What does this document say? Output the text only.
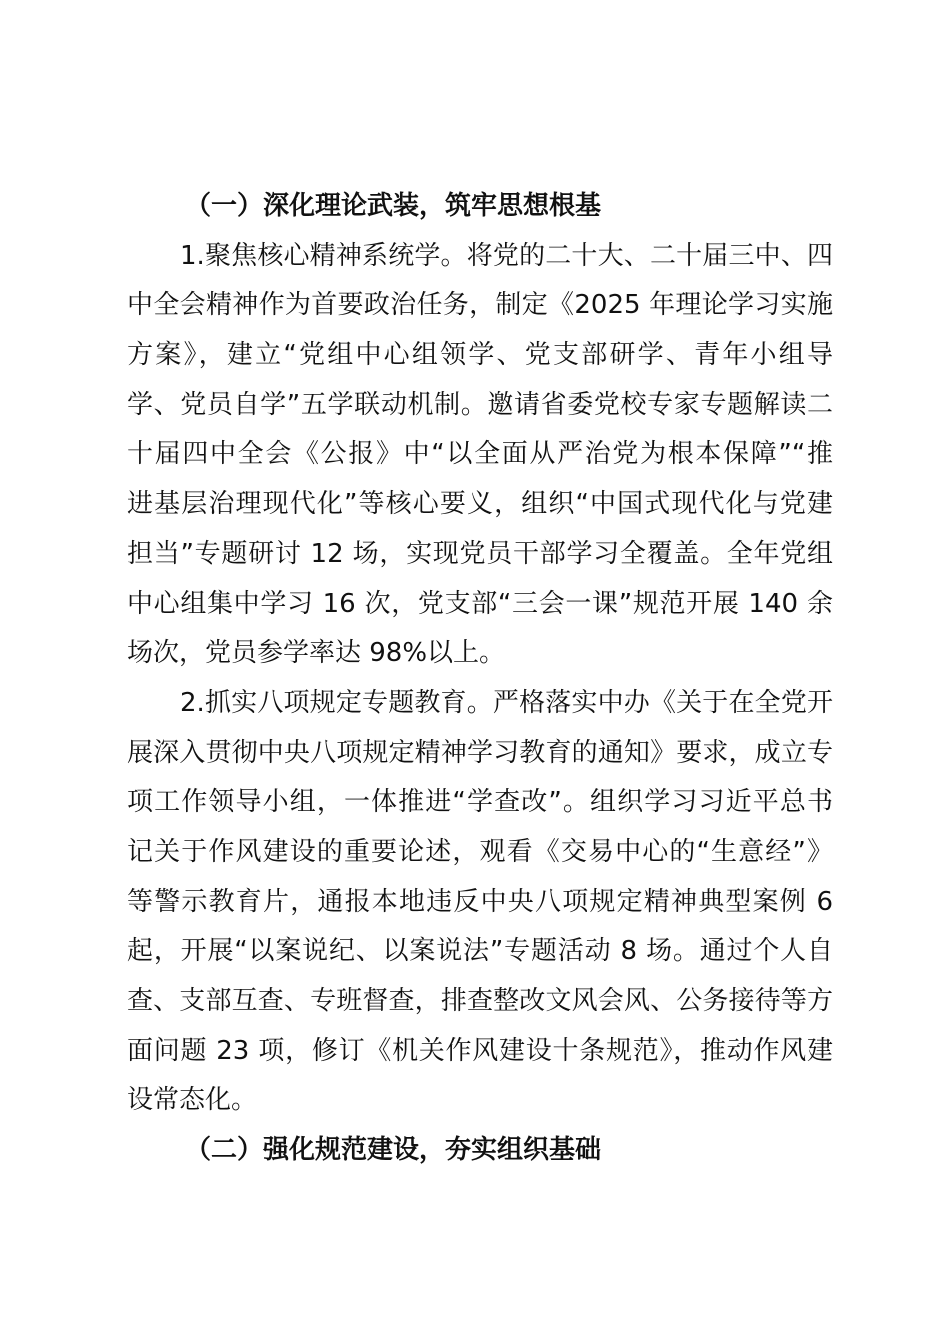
（一）深化理论武装，筑牢思想根基
1.聚焦核心精神系统学。将党的二十大、二十届三中、四
中全会精神作为首要政治任务，制定《2025 年理论学习实施
方案》，建立“党组中心组领学、党支部研学、青年小组导
学、党员自学”五学联动机制。邀请省委党校专家专题解读二
十届四中全会《公报》中“以全面从严治党为根本保障”“推
进基层治理现代化”等核心要义，组织“中国式现代化与党建
担当”专题研讨 12 场，实现党员干部学习全覆盖。全年党组
中心组集中学习 16 次，党支部“三会一课”规范开展 140 余
场次，党员参学率达 98%以上。
2.抓实八项规定专题教育。严格落实中办《关于在全党开
展深入贯彻中央八项规定精神学习教育的通知》要求，成立专
项工作领导小组，一体推进“学查改”。组织学习习近平总书
记关于作风建设的重要论述，观看《交易中心的“生意经”》
等警示教育片，通报本地违反中央八项规定精神典型案例 6
起，开展“以案说纪、以案说法”专题活动 8 场。通过个人自
查、支部互查、专班督查，排查整改文风会风、公务接待等方
面问题 23 项，修订《机关作风建设十条规范》，推动作风建
设常态化。
（二）强化规范建设，夯实组织基础
